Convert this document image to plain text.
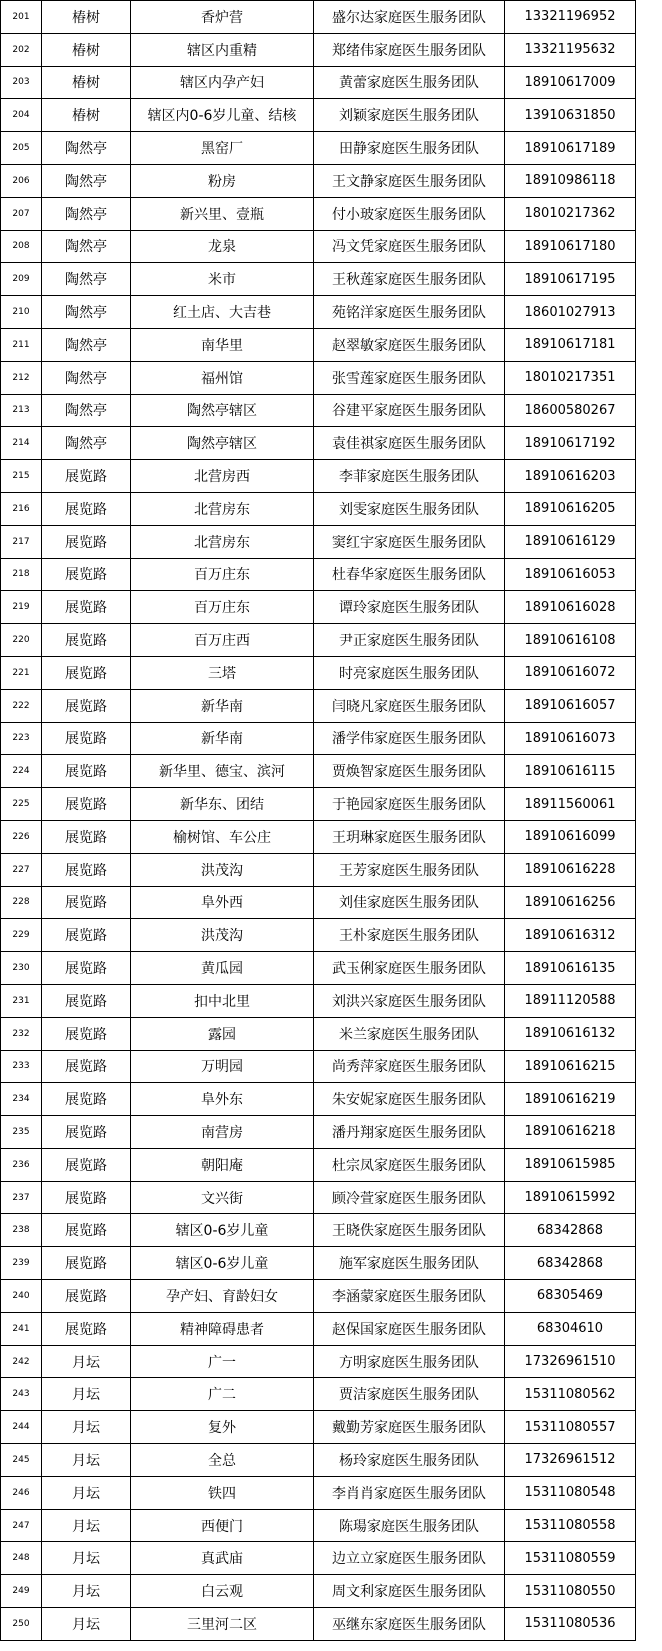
201	椿树	香炉营	盛尔达家庭医生服务团队	13321196952
202	椿树	辖区内重精	郑绪伟家庭医生服务团队	13321195632
203	椿树	辖区内孕产妇	黄蕾家庭医生服务团队	18910617009
204	椿树	辖区内0-6岁儿童、结核	刘颖家庭医生服务团队	13910631850
205	陶然亭	黑窑厂	田静家庭医生服务团队	18910617189
206	陶然亭	粉房	王文静家庭医生服务团队	18910986118
207	陶然亭	新兴里、壹瓶	付小玻家庭医生服务团队	18010217362
208	陶然亭	龙泉	冯文凭家庭医生服务团队	18910617180
209	陶然亭	米市	王秋莲家庭医生服务团队	18910617195
210	陶然亭	红土店、大吉巷	苑铭洋家庭医生服务团队	18601027913
211	陶然亭	南华里	赵翠敏家庭医生服务团队	18910617181
212	陶然亭	福州馆	张雪莲家庭医生服务团队	18010217351
213	陶然亭	陶然亭辖区	谷建平家庭医生服务团队	18600580267
214	陶然亭	陶然亭辖区	袁佳祺家庭医生服务团队	18910617192
215	展览路	北营房西	李菲家庭医生服务团队	18910616203
216	展览路	北营房东	刘雯家庭医生服务团队	18910616205
217	展览路	北营房东	窦红宇家庭医生服务团队	18910616129
218	展览路	百万庄东	杜春华家庭医生服务团队	18910616053
219	展览路	百万庄东	谭玲家庭医生服务团队	18910616028
220	展览路	百万庄西	尹正家庭医生服务团队	18910616108
221	展览路	三塔	时亮家庭医生服务团队	18910616072
222	展览路	新华南	闫晓凡家庭医生服务团队	18910616057
223	展览路	新华南	潘学伟家庭医生服务团队	18910616073
224	展览路	新华里、德宝、滨河	贾焕智家庭医生服务团队	18910616115
225	展览路	新华东、团结	于艳园家庭医生服务团队	18911560061
226	展览路	榆树馆、车公庄	王玥琳家庭医生服务团队	18910616099
227	展览路	洪茂沟	王芳家庭医生服务团队	18910616228
228	展览路	阜外西	刘佳家庭医生服务团队	18910616256
229	展览路	洪茂沟	王朴家庭医生服务团队	18910616312
230	展览路	黄瓜园	武玉俐家庭医生服务团队	18910616135
231	展览路	扣中北里	刘洪兴家庭医生服务团队	18911120588
232	展览路	露园	米兰家庭医生服务团队	18910616132
233	展览路	万明园	尚秀萍家庭医生服务团队	18910616215
234	展览路	阜外东	朱安妮家庭医生服务团队	18910616219
235	展览路	南营房	潘丹翔家庭医生服务团队	18910616218
236	展览路	朝阳庵	杜宗凤家庭医生服务团队	18910615985
237	展览路	文兴街	顾冷萱家庭医生服务团队	18910615992
238	展览路	辖区0-6岁儿童	王晓佚家庭医生服务团队	68342868
239	展览路	辖区0-6岁儿童	施军家庭医生服务团队	68342868
240	展览路	孕产妇、育龄妇女	李涵蒙家庭医生服务团队	68305469
241	展览路	精神障碍患者	赵保国家庭医生服务团队	68304610
242	月坛	广一	方明家庭医生服务团队	17326961510
243	月坛	广二	贾洁家庭医生服务团队	15311080562
244	月坛	复外	戴勤芳家庭医生服务团队	15311080557
245	月坛	全总	杨玲家庭医生服务团队	17326961512
246	月坛	铁四	李肖肖家庭医生服务团队	15311080548
247	月坛	西便门	陈瑒家庭医生服务团队	15311080558
248	月坛	真武庙	边立立家庭医生服务团队	15311080559
249	月坛	白云观	周文利家庭医生服务团队	15311080550
250	月坛	三里河二区	巫继东家庭医生服务团队	15311080536
